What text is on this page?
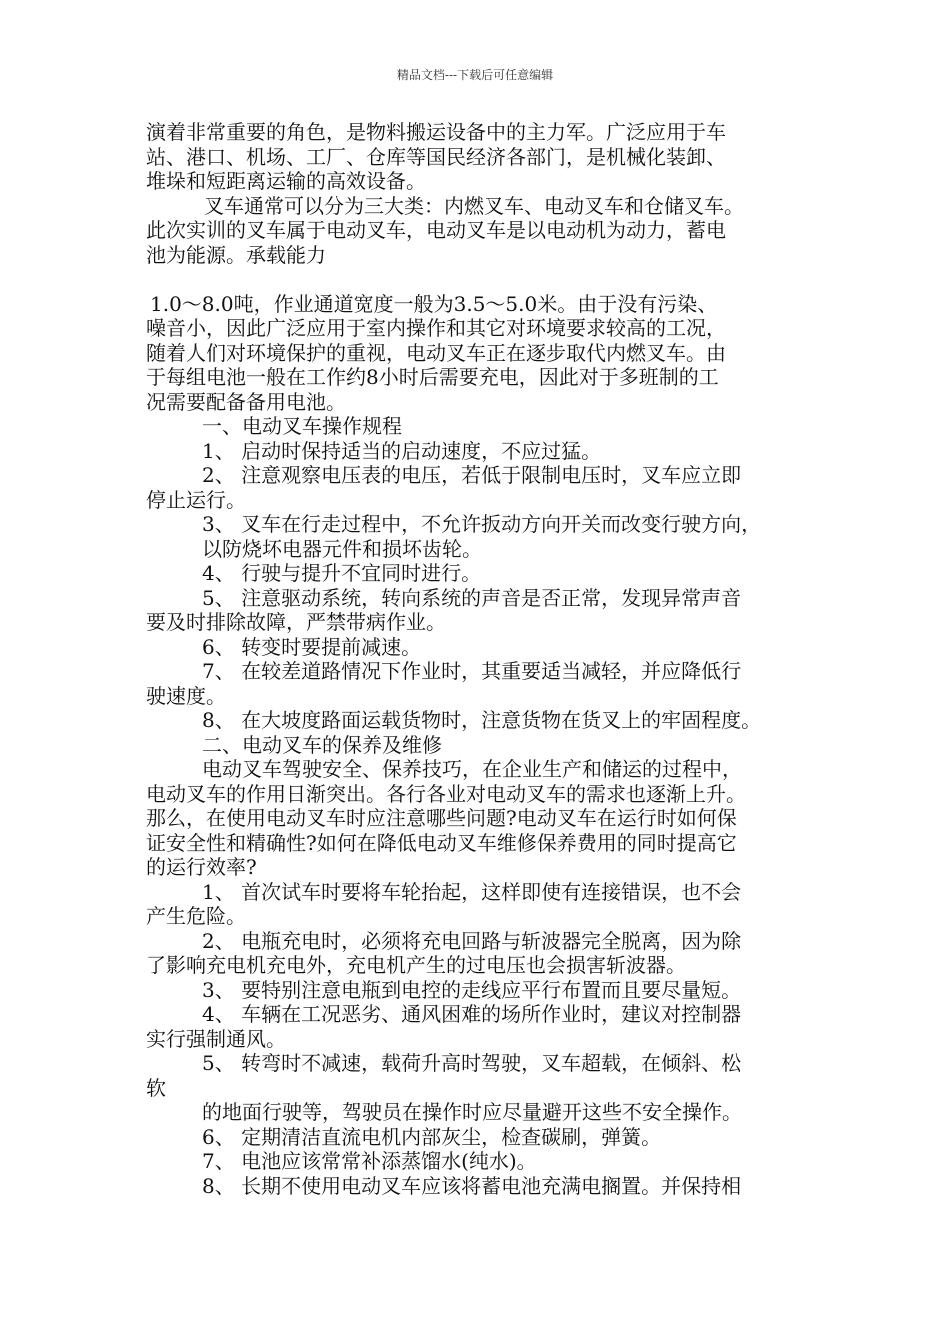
精品文档---下载后可任意编辑
演着非常重要的角色，是物料搬运设备中的主力军。广泛应用于车
站、港口、机场、工厂、仓库等国民经济各部门，是机械化装卸、
堆垛和短距离运输的高效设备。
叉车通常可以分为三大类：内燃叉车、电动叉车和仓储叉车。
此次实训的叉车属于电动叉车，电动叉车是以电动机为动力，蓄电
池为能源。承载能力
1.0～8.0吨，作业通道宽度一般为3.5～5.0米。由于没有污染、
噪音小，因此广泛应用于室内操作和其它对环境要求较高的工况，
随着人们对环境保护的重视，电动叉车正在逐步取代内燃叉车。由
于每组电池一般在工作约8小时后需要充电，因此对于多班制的工
况需要配备备用电池。
一、电动叉车操作规程
1、 启动时保持适当的启动速度，不应过猛。
2、 注意观察电压表的电压，若低于限制电压时，叉车应立即
停止运行。
3、 叉车在行走过程中，不允许扳动方向开关而改变行驶方向，
以防烧坏电器元件和损坏齿轮。
4、 行驶与提升不宜同时进行。
5、 注意驱动系统，转向系统的声音是否正常，发现异常声音
要及时排除故障，严禁带病作业。
6、 转变时要提前减速。
7、 在较差道路情况下作业时，其重要适当减轻，并应降低行
驶速度。
8、 在大坡度路面运载货物时，注意货物在货叉上的牢固程度。
二、电动叉车的保养及维修
电动叉车驾驶安全、保养技巧，在企业生产和储运的过程中，
电动叉车的作用日渐突出。各行各业对电动叉车的需求也逐渐上升。
那么，在使用电动叉车时应注意哪些问题?电动叉车在运行时如何保
证安全性和精确性?如何在降低电动叉车维修保养费用的同时提高它
的运行效率?
1、 首次试车时要将车轮抬起，这样即使有连接错误，也不会
产生危险。
2、 电瓶充电时，必须将充电回路与斩波器完全脱离，因为除
了影响充电机充电外，充电机产生的过电压也会损害斩波器。
3、 要特别注意电瓶到电控的走线应平行布置而且要尽量短。
4、 车辆在工况恶劣、通风困难的场所作业时，建议对控制器
实行强制通风。
5、 转弯时不减速，载荷升高时驾驶，叉车超载，在倾斜、松
软
的地面行驶等，驾驶员在操作时应尽量避开这些不安全操作。
6、 定期清洁直流电机内部灰尘，检查碳刷，弹簧。
7、 电池应该常常补添蒸馏水(纯水)。
8、 长期不使用电动叉车应该将蓄电池充满电搁置。并保持相
